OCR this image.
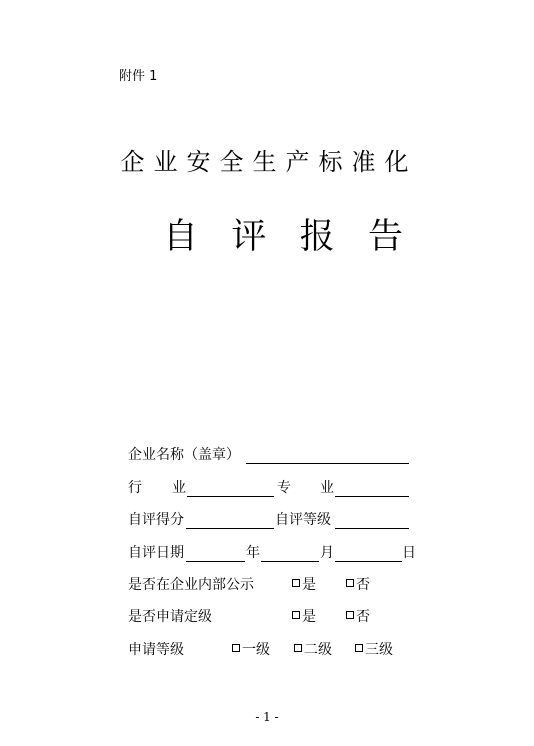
附件 1
企业安全生产标准化
自 评 报 告
企业名称（盖章）
行 业	专 业
自评得分	自评等级
自评日期	年	月	日
是否在企业内部公示	是	否
是否申请定级	是	否
申请等级	一级	二级	三级
- 1 -
